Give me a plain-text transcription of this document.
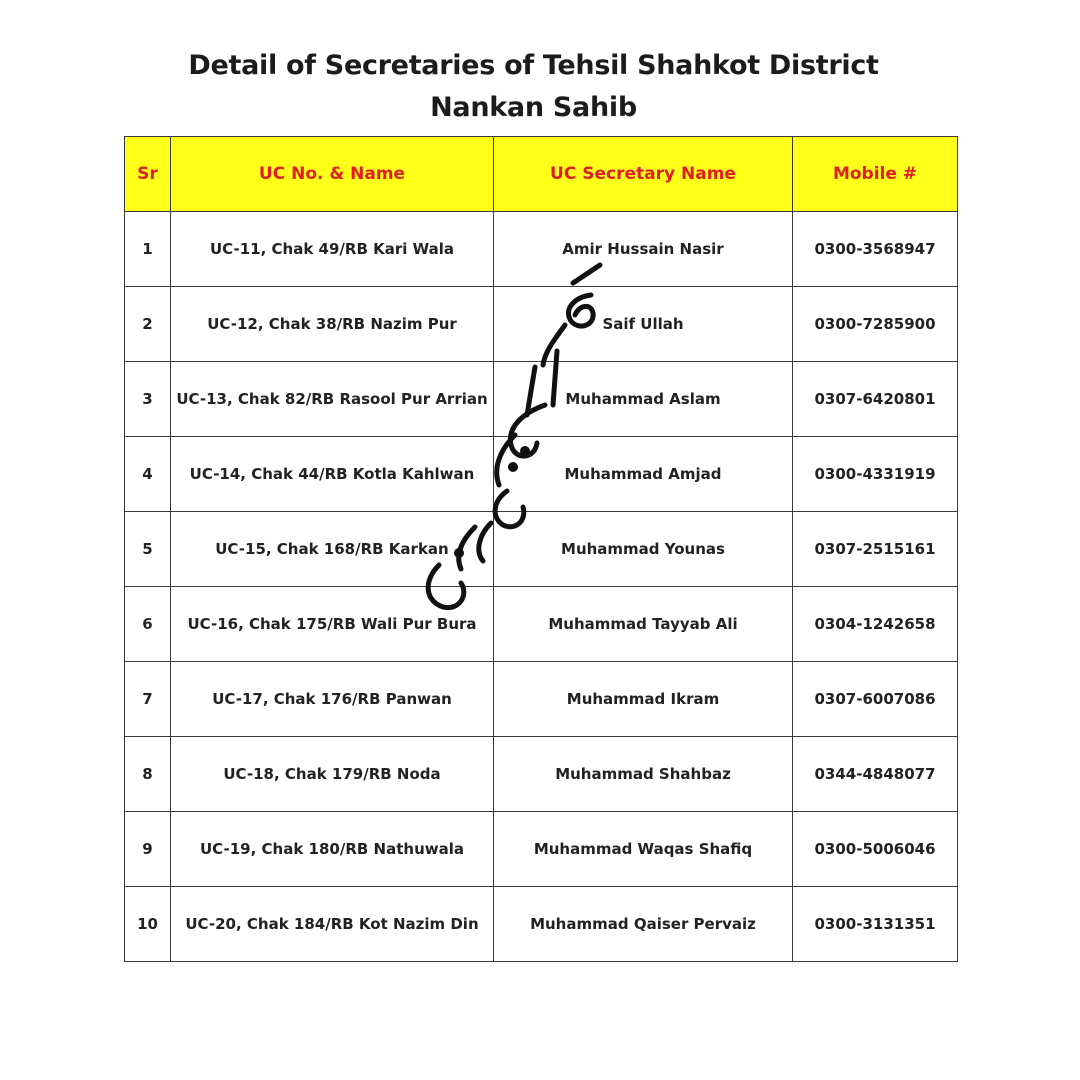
Detail of Secretaries of Tehsil Shahkot District
Nankan Sahib
Sr	UC No. & Name	UC Secretary Name	Mobile #
1	UC-11, Chak 49/RB Kari Wala	Amir Hussain Nasir	0300-3568947
2	UC-12, Chak 38/RB Nazim Pur	Saif Ullah	0300-7285900
3	UC-13, Chak 82/RB Rasool Pur Arrian	Muhammad Aslam	0307-6420801
4	UC-14, Chak 44/RB Kotla Kahlwan	Muhammad Amjad	0300-4331919
5	UC-15, Chak 168/RB Karkan	Muhammad Younas	0307-2515161
6	UC-16, Chak 175/RB Wali Pur Bura	Muhammad Tayyab Ali	0304-1242658
7	UC-17, Chak 176/RB Panwan	Muhammad Ikram	0307-6007086
8	UC-18, Chak 179/RB Noda	Muhammad Shahbaz	0344-4848077
9	UC-19, Chak 180/RB Nathuwala	Muhammad Waqas Shafiq	0300-5006046
10	UC-20, Chak 184/RB Kot Nazim Din	Muhammad Qaiser Pervaiz	0300-3131351
